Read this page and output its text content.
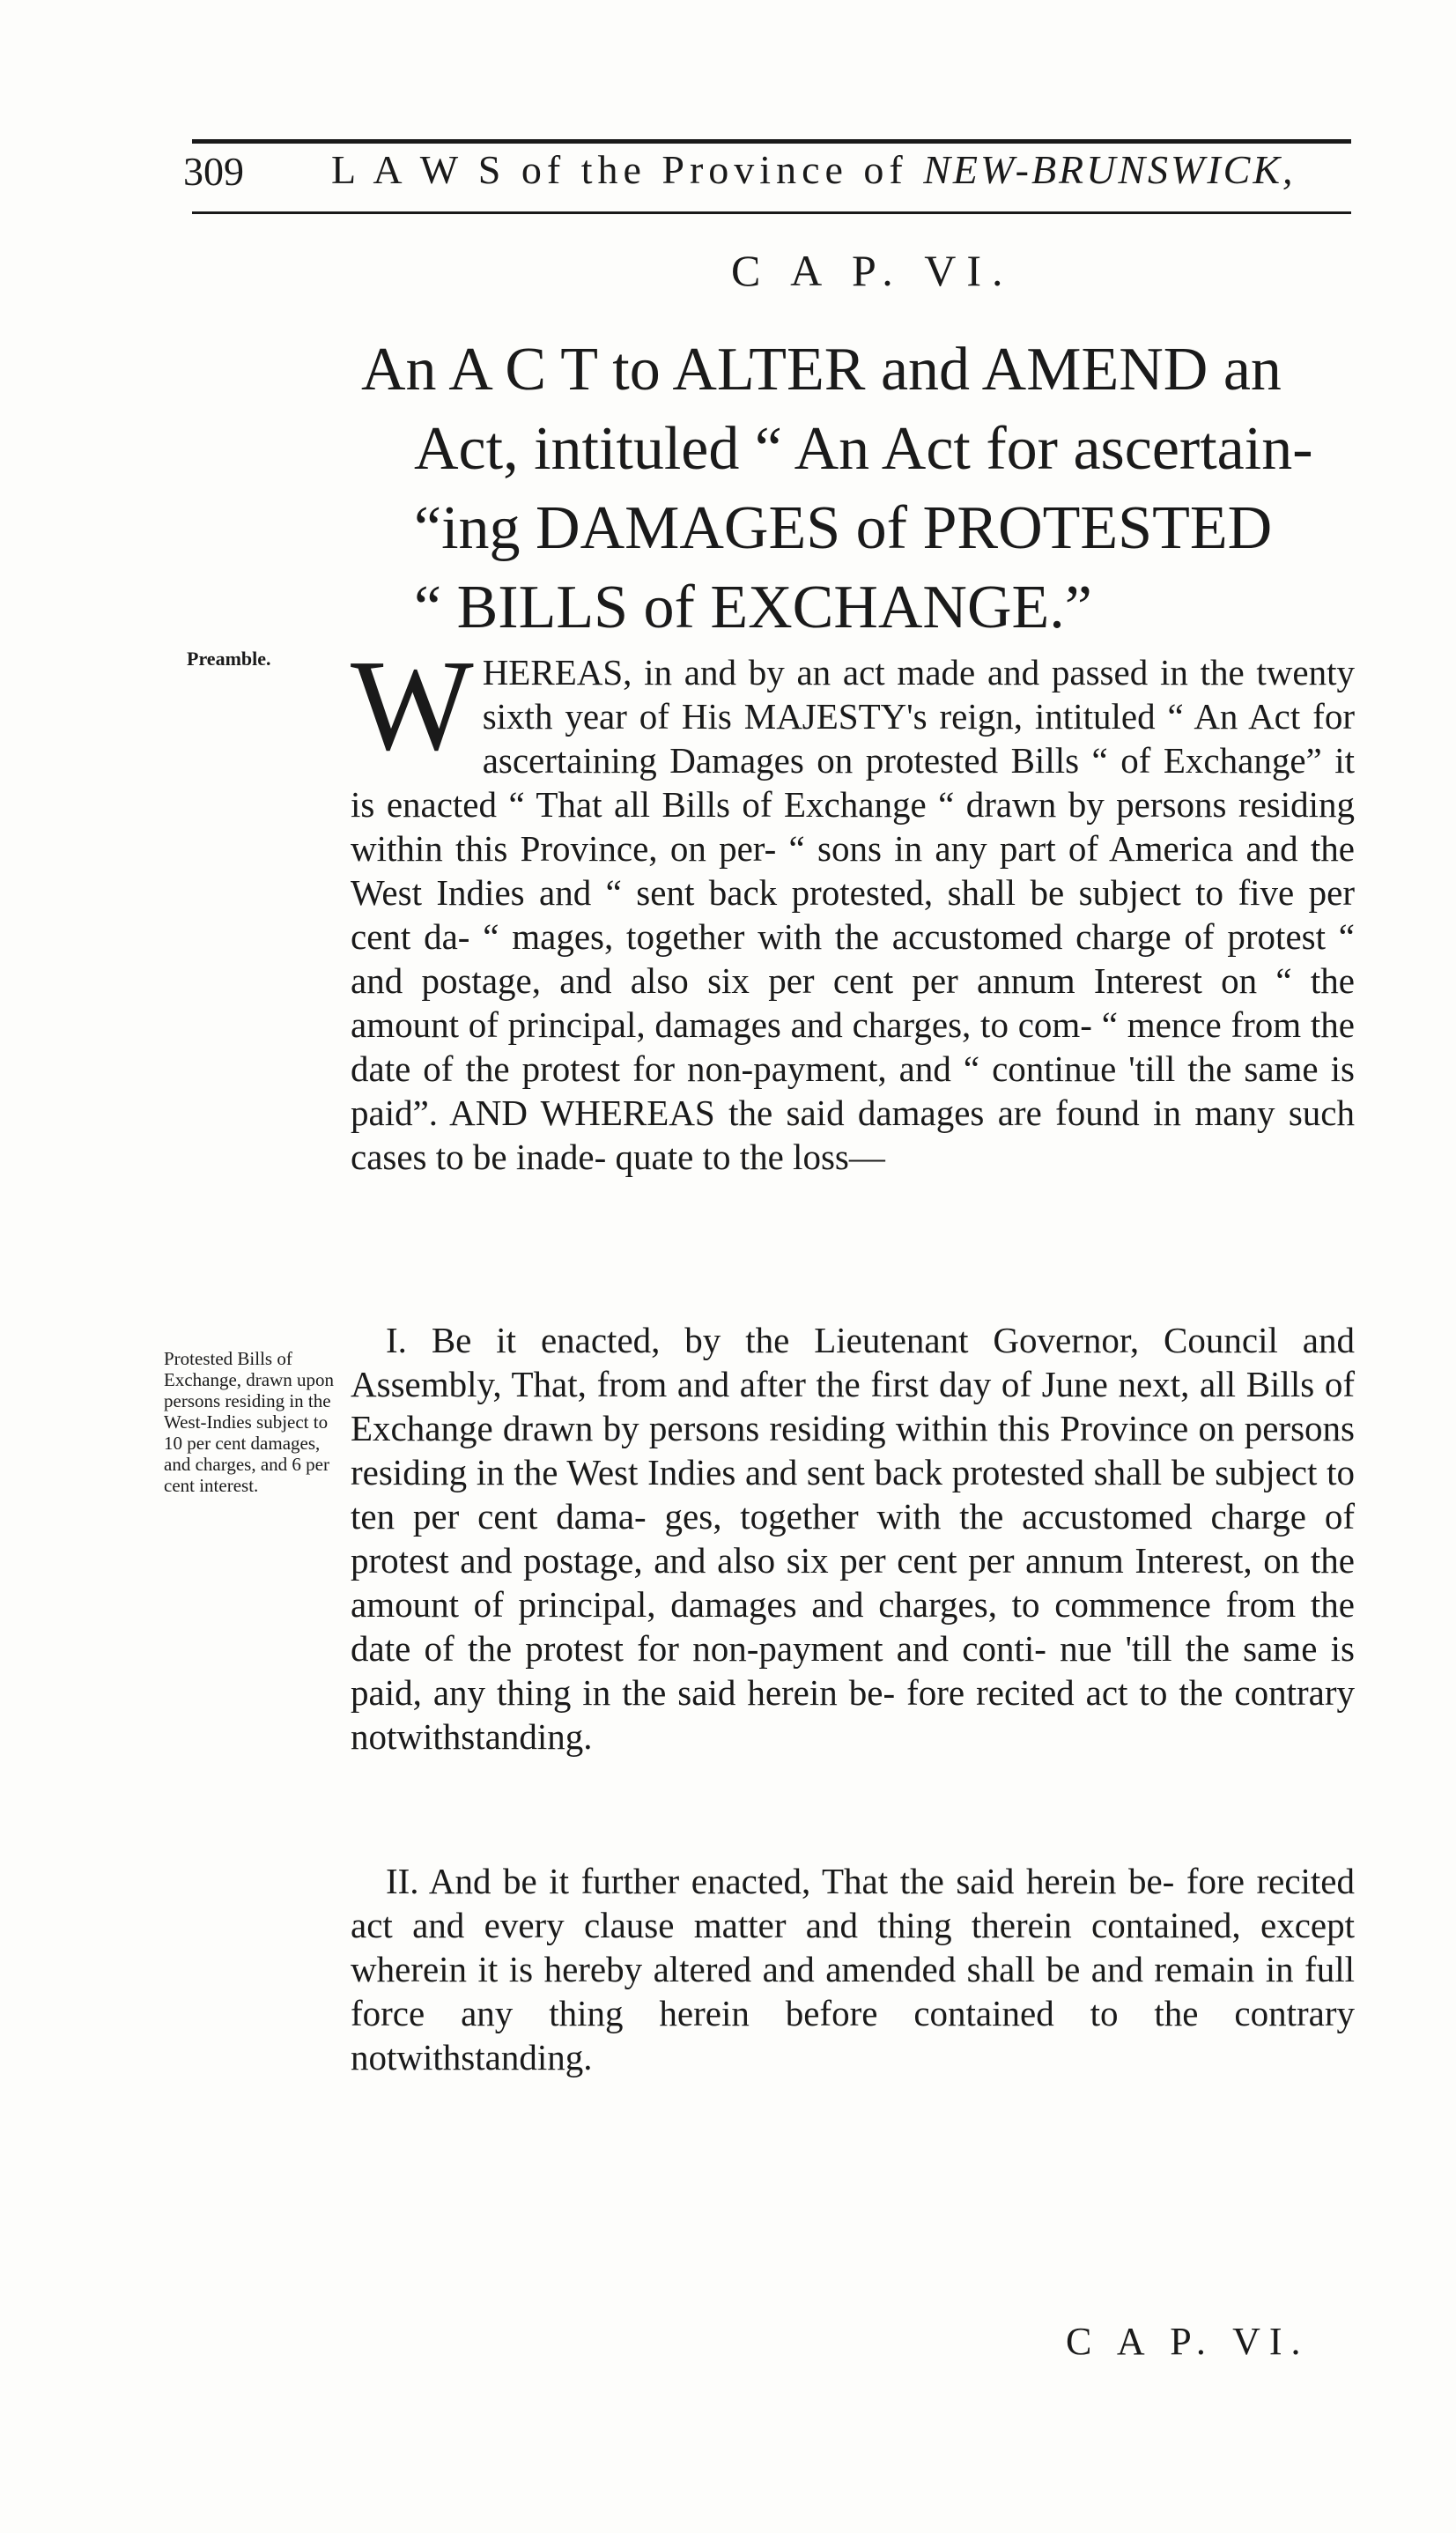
309 L A W S of the Province of NEW-BRUNSWICK,
C A P. VI.
An A C T to ALTER and AMEND an
Act, intituled “ An Act for ascertain-
“ing DAMAGES of PROTESTED
“ BILLS of EXCHANGE.”
Preamble.
Protested Bills of Exchange, drawn upon persons residing in the West-Indies subject to 10 per cent damages, and charges, and 6 per cent interest.
W HEREAS, in and by an act made and passed in the twenty sixth year of His MAJESTY's reign, intituled “ An Act for ascertaining Damages on protested Bills “ of Exchange” it is enacted “ That all Bills of Exchange “ drawn by persons residing within this Province, on per- “ sons in any part of America and the West Indies and “ sent back protested, shall be subject to five per cent da- “ mages, together with the accustomed charge of protest “ and postage, and also six per cent per annum Interest on “ the amount of principal, damages and charges, to com- “ mence from the date of the protest for non-payment, and “ continue 'till the same is paid”. AND WHEREAS the said damages are found in many such cases to be inade- quate to the loss—

I. Be it enacted, by the Lieutenant Governor, Council and Assembly, That, from and after the first day of June next, all Bills of Exchange drawn by persons residing within this Province on persons residing in the West Indies and sent back protested shall be subject to ten per cent dama- ges, together with the accustomed charge of protest and postage, and also six per cent per annum Interest, on the amount of principal, damages and charges, to commence from the date of the protest for non-payment and conti- nue 'till the same is paid, any thing in the said herein be- fore recited act to the contrary notwithstanding.

II. And be it further enacted, That the said herein be- fore recited act and every clause matter and thing therein contained, except wherein it is hereby altered and amended shall be and remain in full force any thing herein before contained to the contrary notwithstanding.

C A P. VI.
